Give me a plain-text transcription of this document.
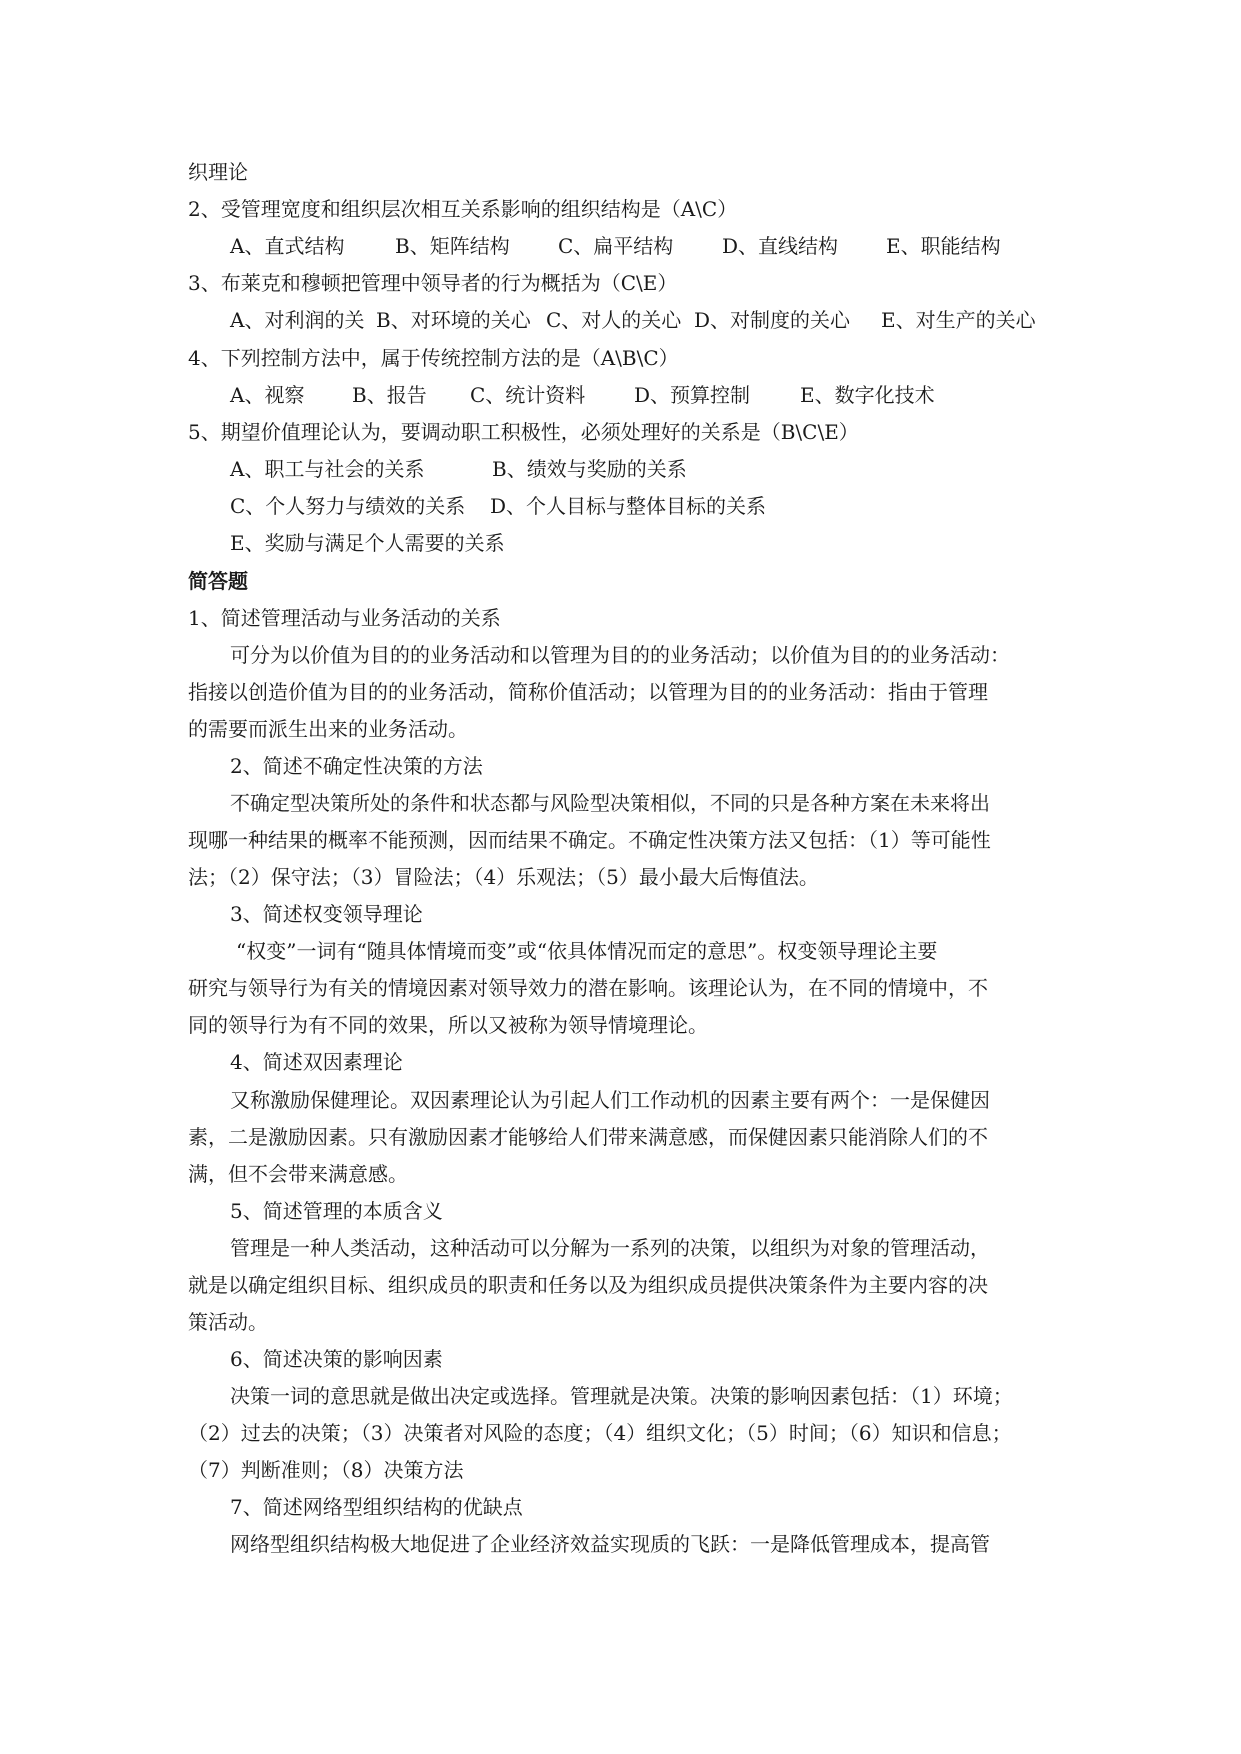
织理论
2、受管理宽度和组织层次相互关系影响的组织结构是（A\C）
A、直式结构	B、矩阵结构 C、扁平结构 D、直线结构 E、职能结构
3、布莱克和穆顿把管理中领导者的行为概括为（C\E）
A、对利润的关 B、对环境的关心 C、对人的关心 D、对制度的关心 E、对生产的关心
4、下列控制方法中，属于传统控制方法的是（A\B\C）
A、视察 B、报告 C、统计资料 D、预算控制 E、数字化技术
5、期望价值理论认为，要调动职工积极性，必须处理好的关系是（B\C\E）
A、职工与社会的关系	B、绩效与奖励的关系
C、个人努力与绩效的关系 D、个人目标与整体目标的关系
E、奖励与满足个人需要的关系
简答题
1、简述管理活动与业务活动的关系
可分为以价值为目的的业务活动和以管理为目的的业务活动；以价值为目的的业务活动：
指接以创造价值为目的的业务活动，简称价值活动；以管理为目的的业务活动：指由于管理
的需要而派生出来的业务活动。
2、简述不确定性决策的方法
不确定型决策所处的条件和状态都与风险型决策相似，不同的只是各种方案在未来将出
现哪一种结果的概率不能预测，因而结果不确定。不确定性决策方法又包括：（1）等可能性
法；（2）保守法；（3）冒险法；（4）乐观法；（5）最小最大后悔值法。
3、简述权变领导理论
“权变”一词有“随具体情境而变”或“依具体情况而定的意思”。权变领导理论主要
研究与领导行为有关的情境因素对领导效力的潜在影响。该理论认为，在不同的情境中，不
同的领导行为有不同的效果，所以又被称为领导情境理论。
4、简述双因素理论
又称激励保健理论。双因素理论认为引起人们工作动机的因素主要有两个：一是保健因
素，二是激励因素。只有激励因素才能够给人们带来满意感，而保健因素只能消除人们的不
满，但不会带来满意感。
5、简述管理的本质含义
管理是一种人类活动，这种活动可以分解为一系列的决策，以组织为对象的管理活动，
就是以确定组织目标、组织成员的职责和任务以及为组织成员提供决策条件为主要内容的决
策活动。
6、简述决策的影响因素
决策一词的意思就是做出决定或选择。管理就是决策。决策的影响因素包括：（1）环境；
（2）过去的决策；（3）决策者对风险的态度；（4）组织文化；（5）时间；（6）知识和信息；
（7）判断准则；（8）决策方法
7、简述网络型组织结构的优缺点
网络型组织结构极大地促进了企业经济效益实现质的飞跃：一是降低管理成本，提高管
